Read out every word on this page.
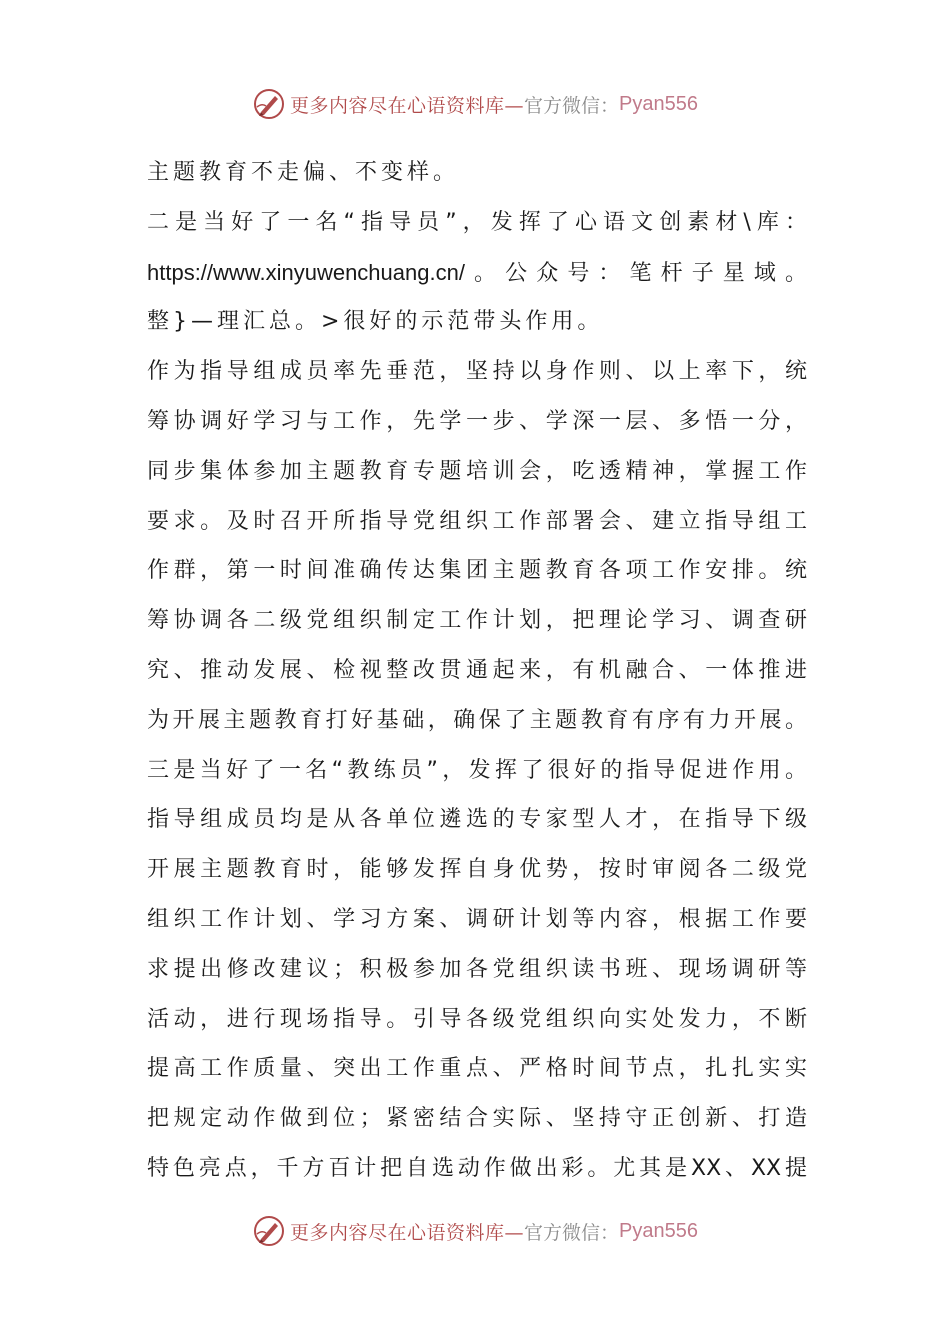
更多内容尽在心语资料库— 官方微信： Pyan556
主题教育不走偏、不变样。
二是当好了一名“指导员”，发挥了心语文创素材\库：
https://www.xinyuwenchuang.cn/。公众号：笔杆子星域。
整}—理汇总。>很好的示范带头作用。
作为指导组成员率先垂范，坚持以身作则、以上率下，统
筹协调好学习与工作，先学一步、学深一层、多悟一分，
同步集体参加主题教育专题培训会，吃透精神，掌握工作
要求。及时召开所指导党组织工作部署会、建立指导组工
作群，第一时间准确传达集团主题教育各项工作安排。统
筹协调各二级党组织制定工作计划，把理论学习、调查研
究、推动发展、检视整改贯通起来，有机融合、一体推进
为开展主题教育打好基础，确保了主题教育有序有力开展。
三是当好了一名“教练员”，发挥了很好的指导促进作用。
指导组成员均是从各单位遴选的专家型人才，在指导下级
开展主题教育时，能够发挥自身优势，按时审阅各二级党
组织工作计划、学习方案、调研计划等内容，根据工作要
求提出修改建议；积极参加各党组织读书班、现场调研等
活动，进行现场指导。引导各级党组织向实处发力，不断
提高工作质量、突出工作重点、严格时间节点，扎扎实实
把规定动作做到位；紧密结合实际、坚持守正创新、打造
特色亮点，千方百计把自选动作做出彩。尤其是XX、XX提
更多内容尽在心语资料库— 官方微信： Pyan556
